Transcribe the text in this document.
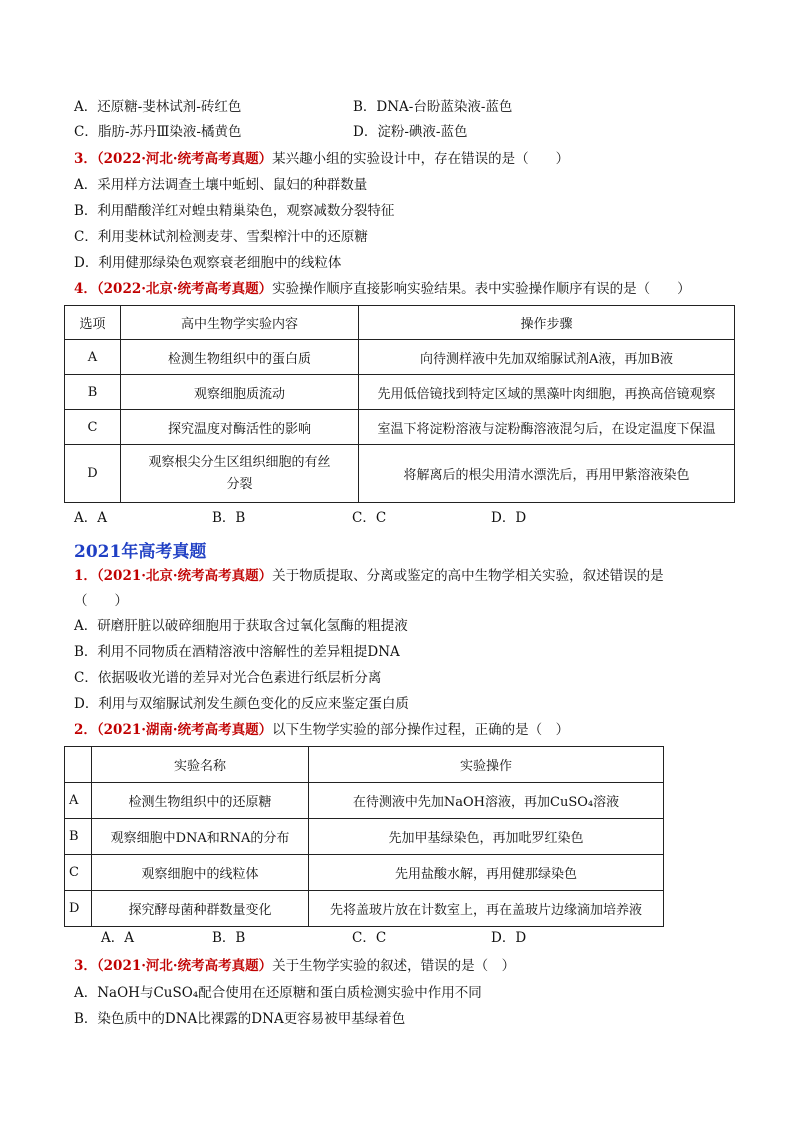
A．还原糖-斐林试剂-砖红色	B．DNA-台盼蓝染液-蓝色
C．脂肪-苏丹Ⅲ染液-橘黄色	D．淀粉-碘液-蓝色
3．（2022·河北·统考高考真题）某兴趣小组的实验设计中，存在错误的是（　　）
A．采用样方法调查土壤中蚯蚓、鼠妇的种群数量
B．利用醋酸洋红对蝗虫精巢染色，观察减数分裂特征
C．利用斐林试剂检测麦芽、雪梨榨汁中的还原糖
D．利用健那绿染色观察衰老细胞中的线粒体
4．（2022·北京·统考高考真题）实验操作顺序直接影响实验结果。表中实验操作顺序有误的是（　　）
选项	高中生物学实验内容	操作步骤
A	检测生物组织中的蛋白质	向待测样液中先加双缩脲试剂A液，再加B液
B	观察细胞质流动	先用低倍镜找到特定区域的黑藻叶肉细胞，再换高倍镜观察
C	探究温度对酶活性的影响	室温下将淀粉溶液与淀粉酶溶液混匀后，在设定温度下保温
D	观察根尖分生区组织细胞的有丝分裂	将解离后的根尖用清水漂洗后，再用甲紫溶液染色
A．A	B．B	C．C	D．D
2021年高考真题
1．（2021·北京·统考高考真题）关于物质提取、分离或鉴定的高中生物学相关实验，叙述错误的是
（　　）
A．研磨肝脏以破碎细胞用于获取含过氧化氢酶的粗提液
B．利用不同物质在酒精溶液中溶解性的差异粗提DNA
C．依据吸收光谱的差异对光合色素进行纸层析分离
D．利用与双缩脲试剂发生颜色变化的反应来鉴定蛋白质
2．（2021·湖南·统考高考真题）以下生物学实验的部分操作过程，正确的是（　）
	实验名称	实验操作
A	检测生物组织中的还原糖	在待测液中先加NaOH溶液，再加CuSO₄溶液
B	观察细胞中DNA和RNA的分布	先加甲基绿染色，再加吡罗红染色
C	观察细胞中的线粒体	先用盐酸水解，再用健那绿染色
D	探究酵母菌种群数量变化	先将盖玻片放在计数室上，再在盖玻片边缘滴加培养液
A．A	B．B	C．C	D．D
3．（2021·河北·统考高考真题）关于生物学实验的叙述，错误的是（　）
A．NaOH与CuSO₄配合使用在还原糖和蛋白质检测实验中作用不同
B．染色质中的DNA比裸露的DNA更容易被甲基绿着色
